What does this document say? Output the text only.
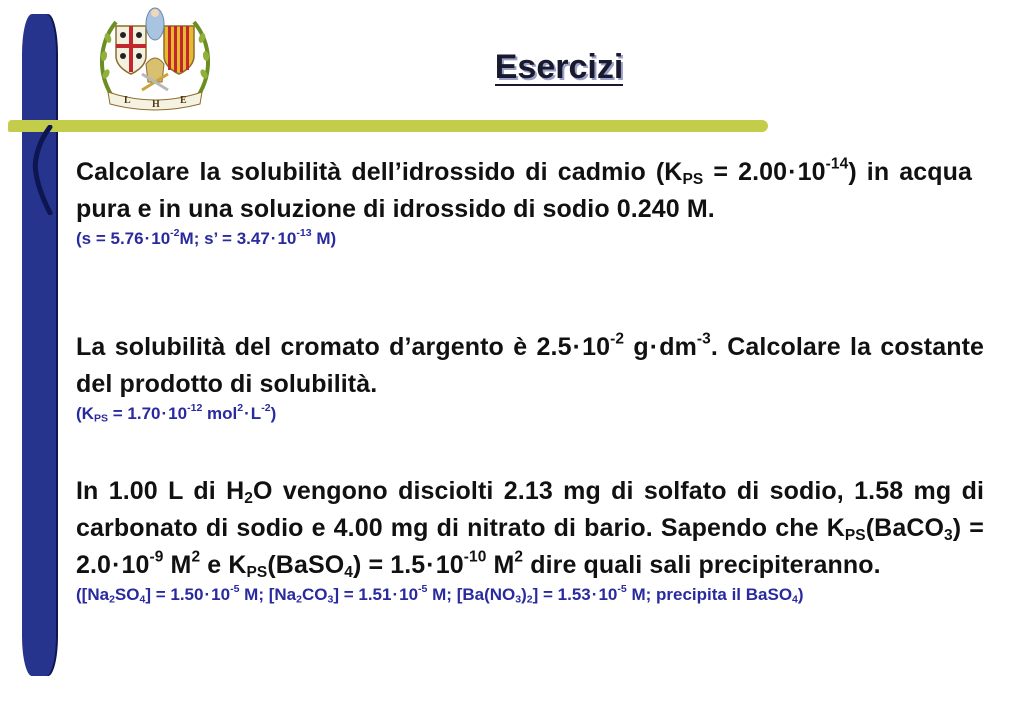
L H E
Esercizi
Calcolare la solubilità dell’idrossido di cadmio $(K_{PS} = 2.00\cdot 10^{-14})$ in acqua pura e in una soluzione di idrossido di sodio 0.240 M.
($s = 5.76\cdot 10^{-2}M$; s’ = $3.47\cdot 10^{-13}$ M)
La solubilità del cromato d’argento è $2.5\cdot 10^{-2}$ $g\cdot dm^{-3}$. Calcolare la costante del prodotto di solubilità.
($K_{PS} = 1.70\cdot 10^{-12}$ $mol^2\cdot L^{-2}$)
In 1.00 L di $H_2O$ vengono disciolti 2.13 mg di solfato di sodio, 1.58 mg di carbonato di sodio e 4.00 mg di nitrato di bario. Sapendo che $K_{PS}(BaCO_3) = 2.0\cdot 10^{-9}$ $M^2$ e $K_{PS}(BaSO_4) = 1.5\cdot 10^{-10}$ $M^2$ dire quali sali precipiteranno.
($[Na_2SO_4] = 1.50\cdot 10^{-5}$ M; $[Na_2CO_3] = 1.51\cdot 10^{-5}$ M; $[Ba(NO_3)_2] = 1.53\cdot 10^{-5}$ M; precipita il BaSO$_4$)
